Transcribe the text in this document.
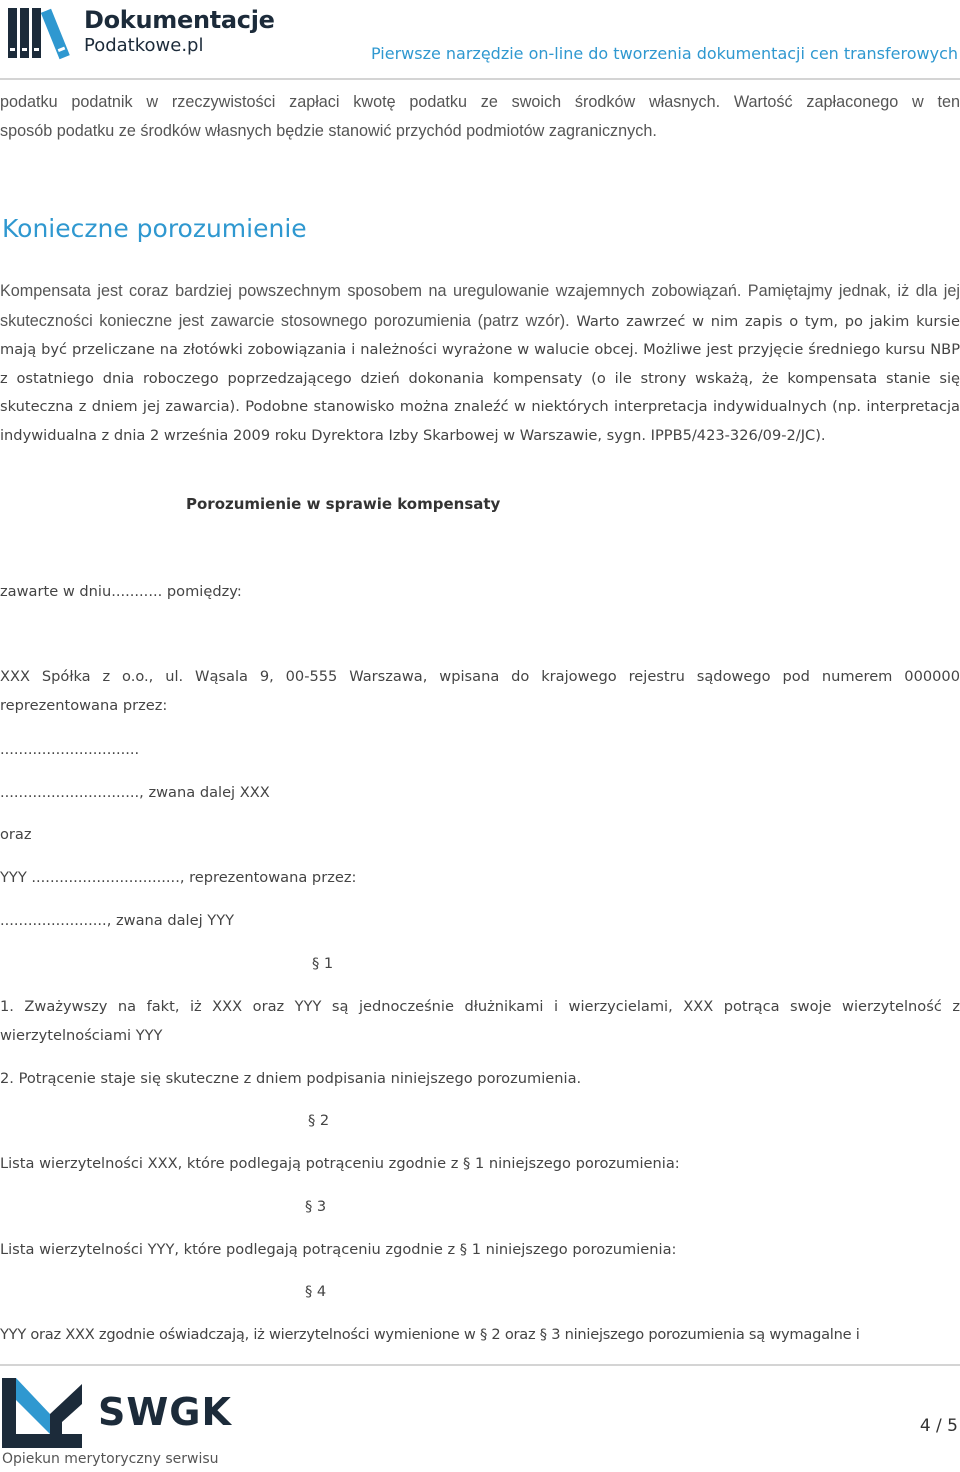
Dokumentacje
Podatkowe.pl	Pierwsze narzędzie on-line do tworzenia dokumentacji cen transferowych

podatku podatnik w rzeczywistości zapłaci kwotę podatku ze swoich środków własnych. Wartość zapłaconego w ten

sposób podatku ze środków własnych będzie stanowić przychód podmiotów zagranicznych.

Konieczne porozumienie

Kompensata jest coraz bardziej powszechnym sposobem na uregulowanie wzajemnych zobowiązań. Pamiętajmy jednak, iż dla jej skuteczności konieczne jest zawarcie stosownego porozumienia (patrz wzór). Warto zawrzeć w nim zapis o tym, po jakim kursie mają być przeliczane na złotówki zobowiązania i należności wyrażone w walucie obcej. Możliwe jest przyjęcie średniego kursu NBP z ostatniego dnia roboczego poprzedzającego dzień dokonania kompensaty (o ile strony wskażą, że kompensata stanie się skuteczna z dniem jej zawarcia). Podobne stanowisko można znaleźć w niektórych interpretacja indywidualnych (np. interpretacja indywidualna z dnia 2 września 2009 roku Dyrektora Izby Skarbowej w Warszawie, sygn. IPPB5/423-326/09-2/JC).

Porozumienie w sprawie kompensaty
zawarte w dniu........... pomiędzy:

XXX Spółka z o.o., ul. Wąsala 9, 00-555 Warszawa, wpisana do krajowego rejestru sądowego pod numerem 000000 reprezentowana przez:

..............................
.............................., zwana dalej XXX
oraz
YYY ................................, reprezentowana przez:
......................., zwana dalej YYY
§ 1

1. Zważywszy na fakt, iż XXX oraz YYY są jednocześnie dłużnikami i wierzycielami, XXX potrąca swoje wierzytelność z wierzytelnościami YYY

2. Potrącenie staje się skuteczne z dniem podpisania niniejszego porozumienia.
§ 2
Lista wierzytelności XXX, które podlegają potrąceniu zgodnie z § 1 niniejszego porozumienia:
§ 3
Lista wierzytelności YYY, które podlegają potrąceniu zgodnie z § 1 niniejszego porozumienia:
§ 4
YYY oraz XXX zgodnie oświadczają, iż wierzytelności wymienione w § 2 oraz § 3 niniejszego porozumienia są wymagalne i
SWGK
Opiekun merytoryczny serwisu
4 / 5
